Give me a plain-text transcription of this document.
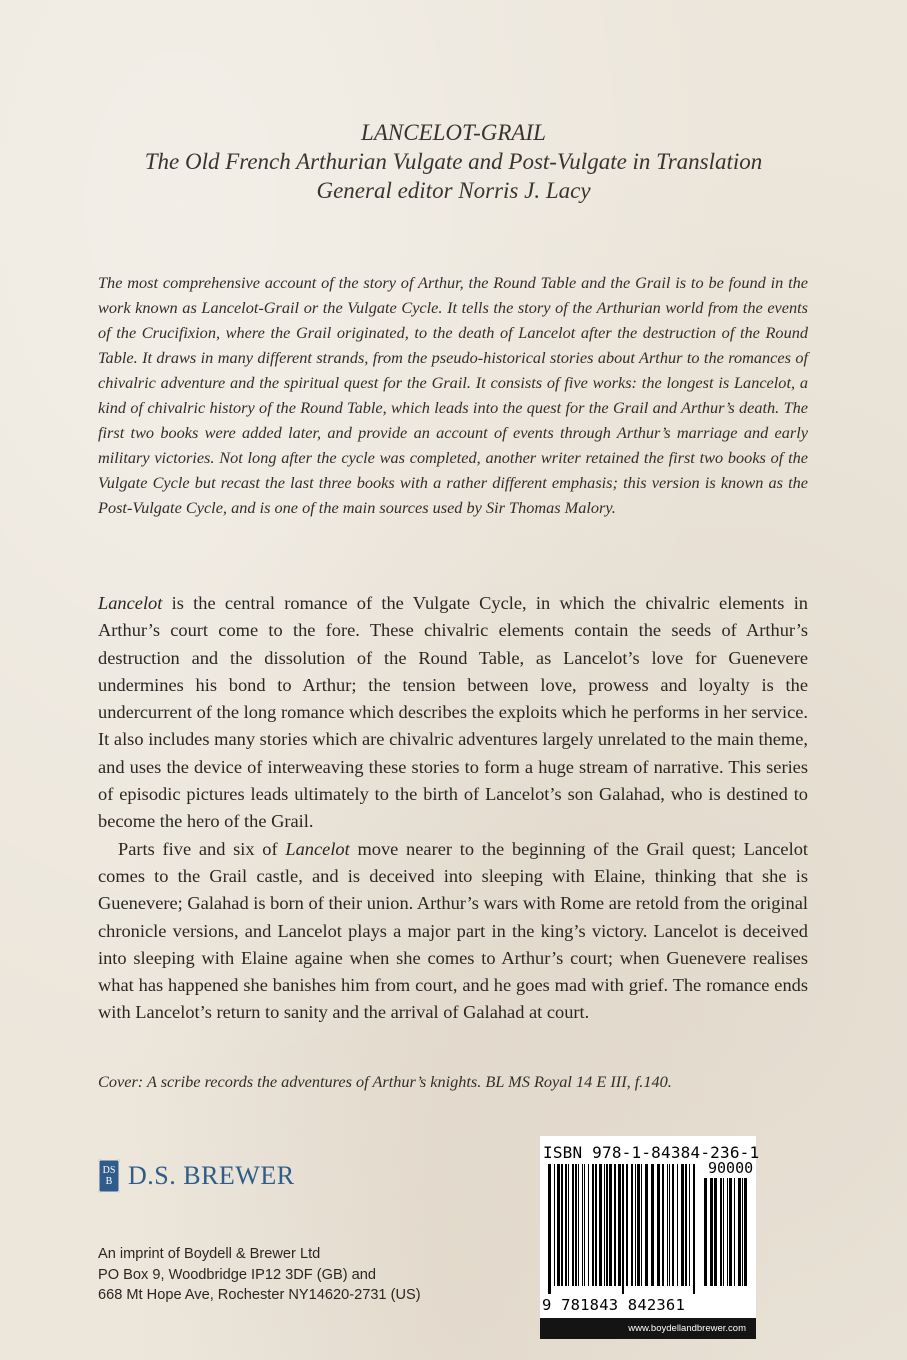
LANCELOT-GRAIL
The Old French Arthurian Vulgate and Post-Vulgate in Translation
General editor Norris J. Lacy

The most comprehensive account of the story of Arthur, the Round Table and the Grail is to be found in the work known as Lancelot-Grail or the Vulgate Cycle. It tells the story of the Arthurian world from the events of the Crucifixion, where the Grail originated, to the death of Lancelot after the destruction of the Round Table. It draws in many different strands, from the pseudo-historical stories about Arthur to the romances of chivalric adventure and the spiritual quest for the Grail. It consists of five works: the longest is Lancelot, a kind of chivalric history of the Round Table, which leads into the quest for the Grail and Arthur’s death. The first two books were added later, and provide an account of events through Arthur’s marriage and early military victories. Not long after the cycle was completed, another writer retained the first two books of the Vulgate Cycle but recast the last three books with a rather different emphasis; this version is known as the Post-Vulgate Cycle, and is one of the main sources used by Sir Thomas Malory.

Lancelot is the central romance of the Vulgate Cycle, in which the chivalric elements in Arthur’s court come to the fore. These chivalric elements contain the seeds of Arthur’s destruction and the dissolution of the Round Table, as Lancelot’s love for Guenevere undermines his bond to Arthur; the tension between love, prowess and loyalty is the undercurrent of the long romance which describes the exploits which he performs in her service. It also includes many stories which are chivalric adventures largely unrelated to the main theme, and uses the device of interweaving these stories to form a huge stream of narrative. This series of episodic pictures leads ultimately to the birth of Lancelot’s son Galahad, who is destined to become the hero of the Grail.

Parts five and six of Lancelot move nearer to the beginning of the Grail quest; Lancelot comes to the Grail castle, and is deceived into sleeping with Elaine, thinking that she is Guenevere; Galahad is born of their union. Arthur’s wars with Rome are retold from the original chronicle versions, and Lancelot plays a major part in the king’s victory. Lancelot is deceived into sleeping with Elaine againe when she comes to Arthur’s court; when Guenevere realises what has happened she banishes him from court, and he goes mad with grief. The romance ends with Lancelot’s return to sanity and the arrival of Galahad at court.

Cover: A scribe records the adventures of Arthur’s knights. BL MS Royal 14 E III, f.140.

DS
B D.S. BREWER
An imprint of Boydell & Brewer Ltd
PO Box 9, Woodbridge IP12 3DF (GB) and
668 Mt Hope Ave, Rochester NY14620-2731 (US)
ISBN 978-1-84384-236-1
90000
9 781843 842361
www.boydellandbrewer.com
